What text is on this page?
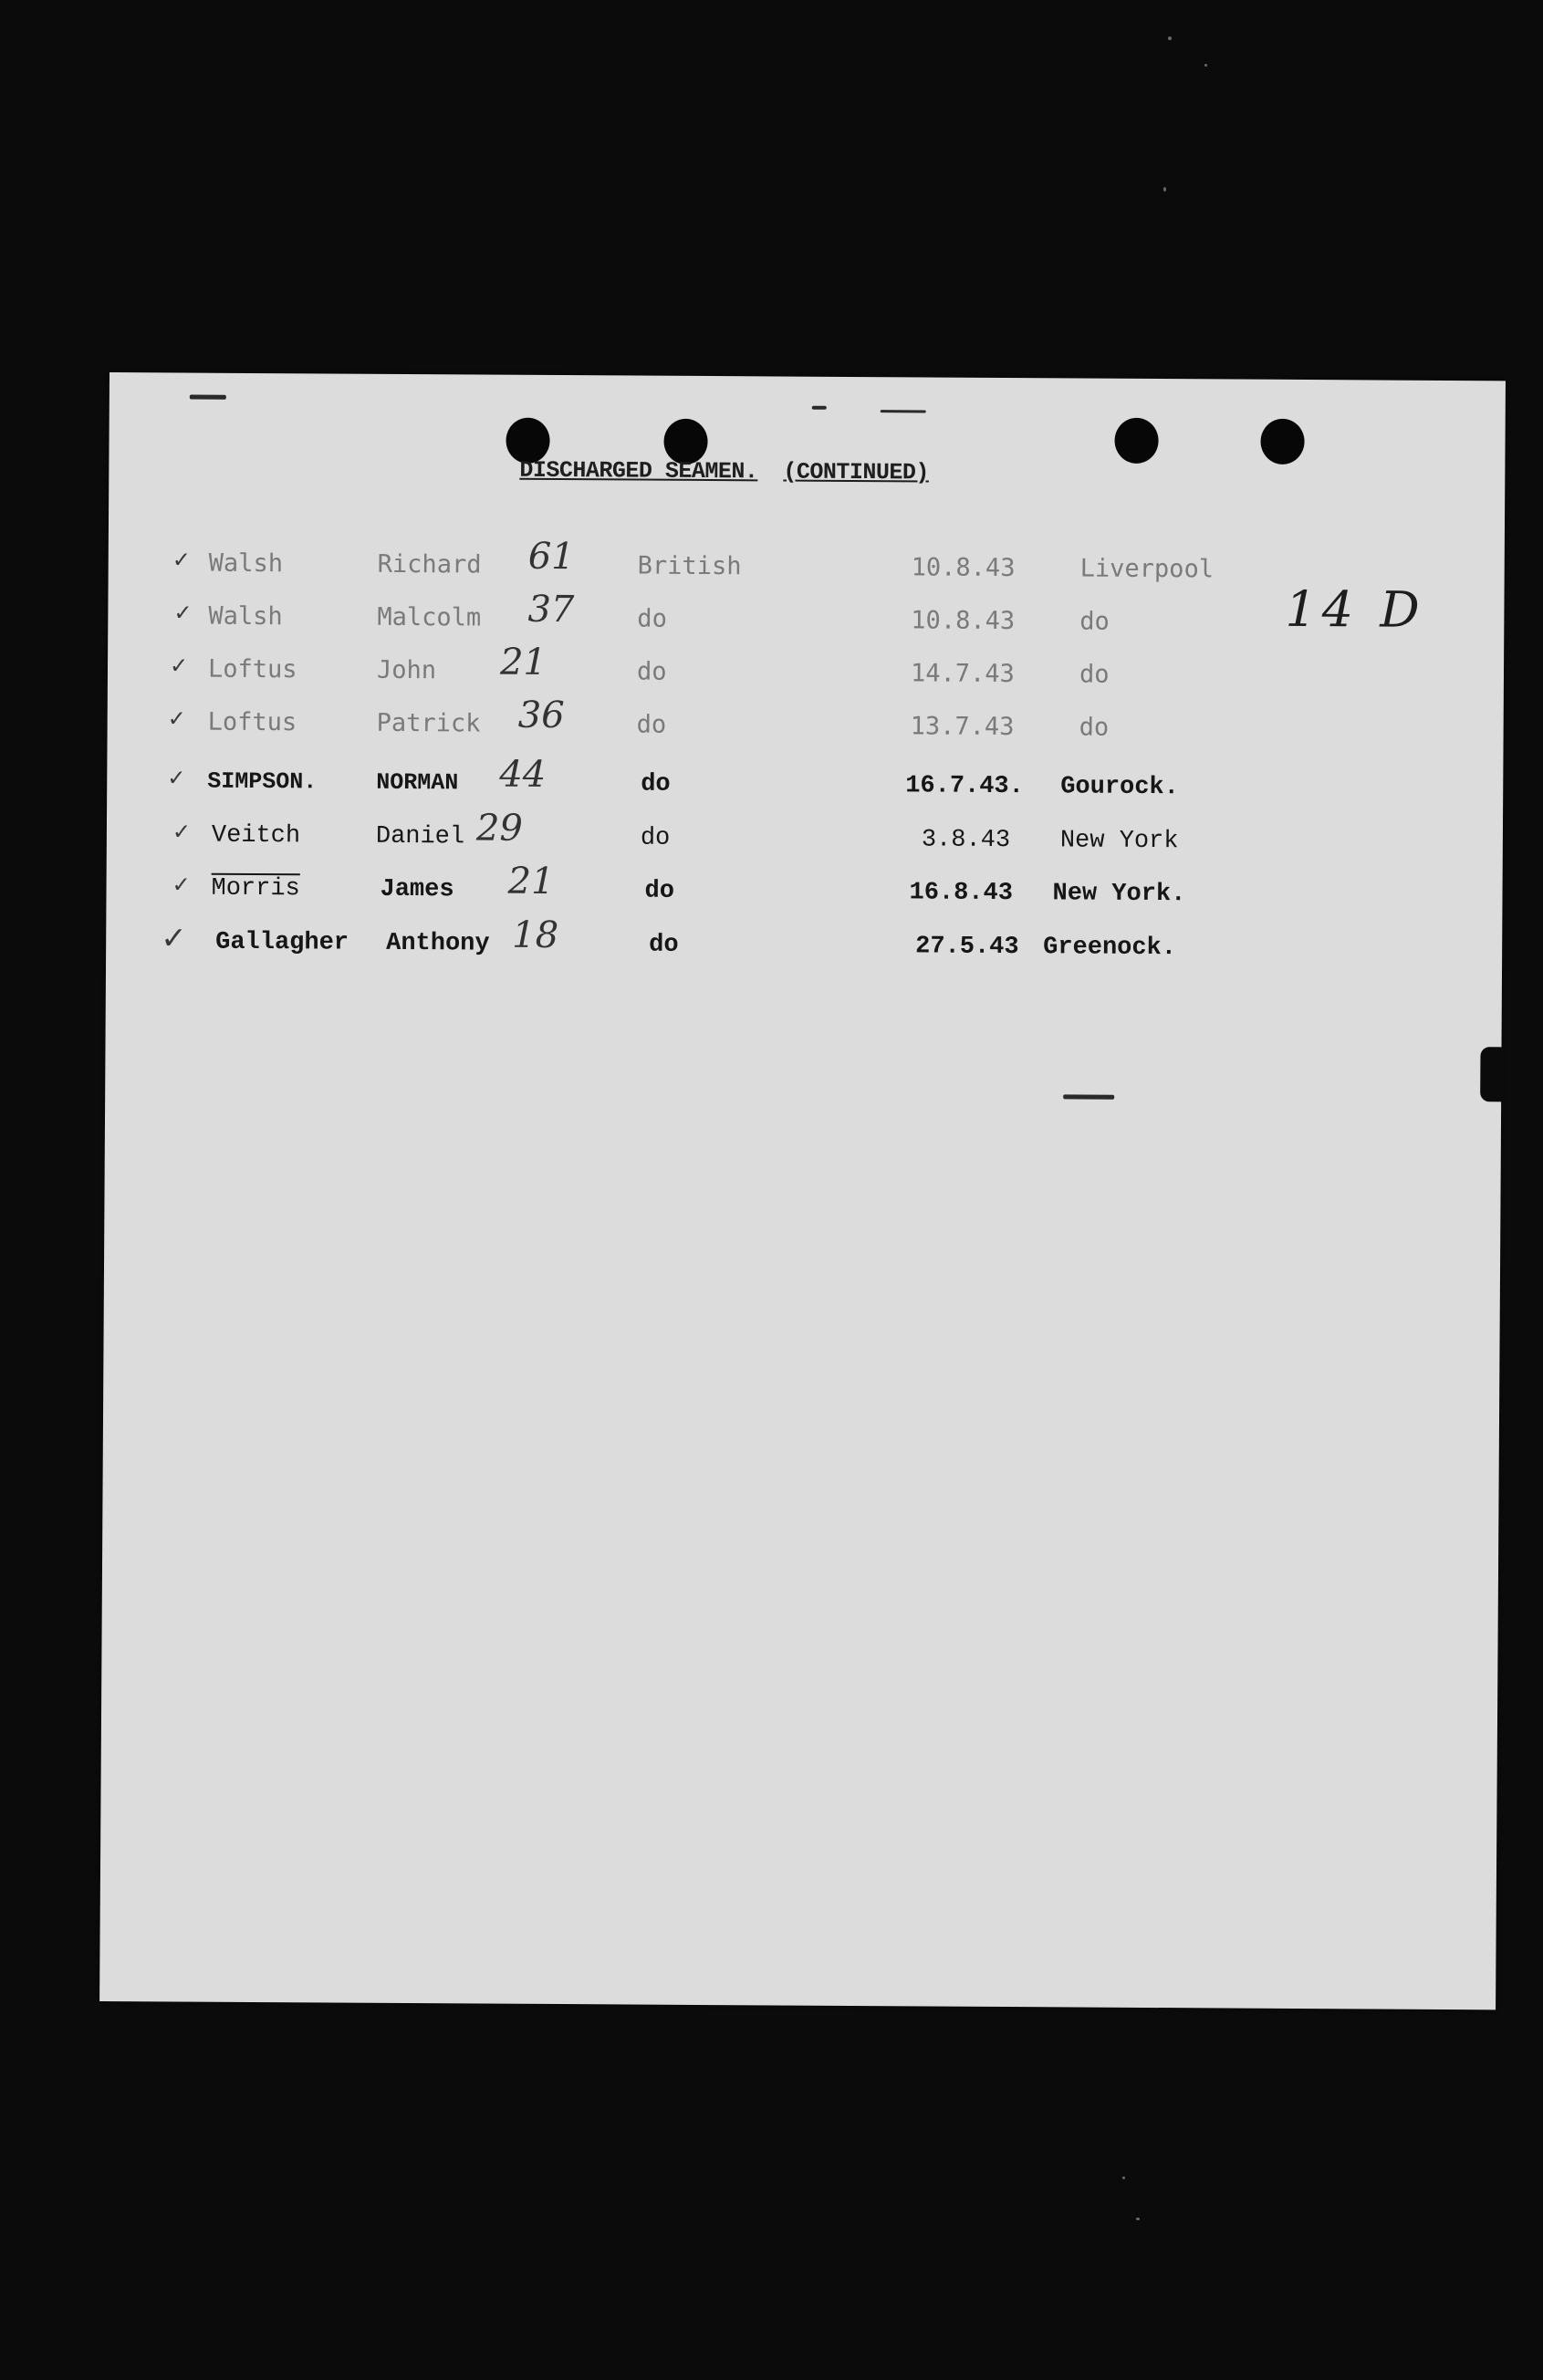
DISCHARGED SEAMEN. (CONTINUED)
14 D
✓ Walsh	Richard 61	British	10.8.43	Liverpool
✓ Walsh	Malcolm 37	do	10.8.43	do
✓ Loftus	John 21	do	14.7.43	do
✓ Loftus	Patrick 36	do	13.7.43	do
✓ SIMPSON.	NORMAN 44	do	16.7.43. Gourock.
✓ Veitch	Daniel 29	do	3.8.43 New York
✓ Morris	James 21	do	16.8.43 New York.
✓ Gallagher Anthony 18	do	27.5.43 Greenock.
